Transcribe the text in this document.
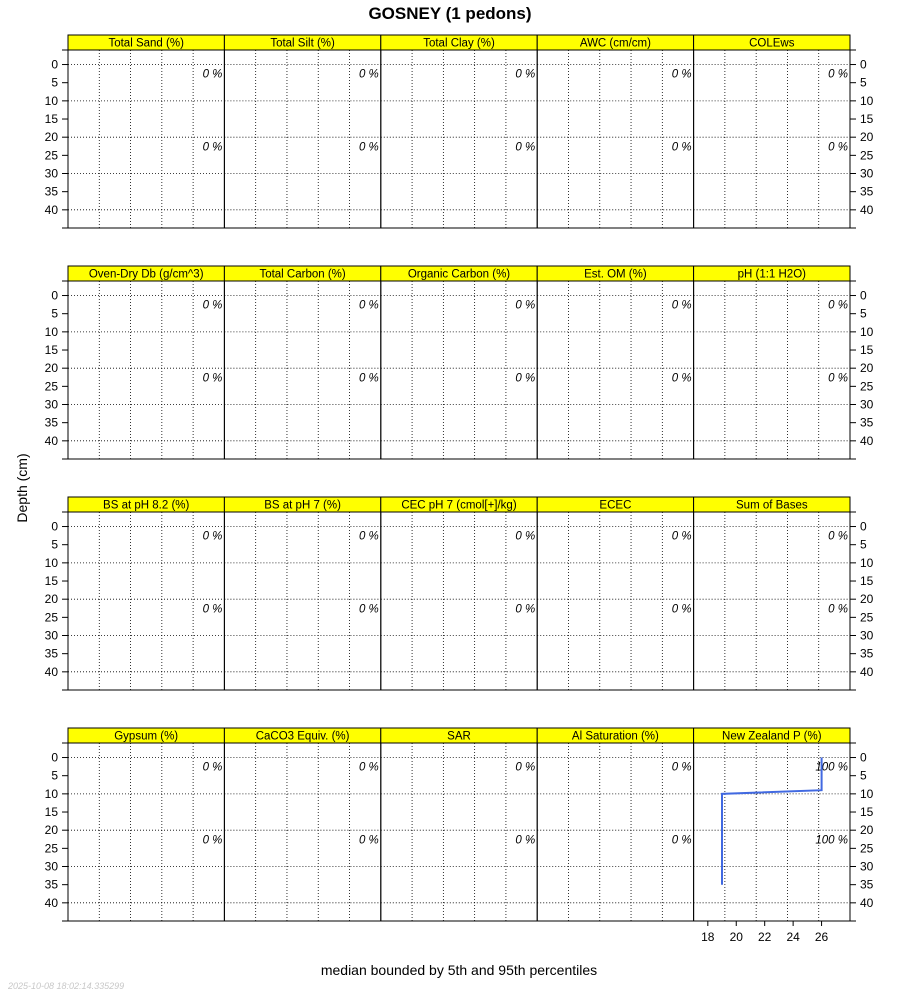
Total Sand (%)
0 %
0 %
Total Silt (%)
0 %
0 %
Total Clay (%)
0 %
0 %
AWC (cm/cm)
0 %
0 %
COLEws
0 %
0 %
Oven-Dry Db (g/cm^3)
0 %
0 %
Total Carbon (%)
0 %
0 %
Organic Carbon (%)
0 %
0 %
Est. OM (%)
0 %
0 %
pH (1:1 H2O)
0 %
0 %
BS at pH 8.2 (%)
0 %
0 %
BS at pH 7 (%)
0 %
0 %
CEC pH 7 (cmol[+]/kg)
0 %
0 %
ECEC
0 %
0 %
Sum of Bases
0 %
0 %
Gypsum (%)
0 %
0 %
CaCO3 Equiv. (%)
0 %
0 %
SAR
0 %
0 %
Al Saturation (%)
0 %
0 %
New Zealand P (%)
100 %
100 %
18 20 22 24 26
0	0
5	5
10	10
15	15
20	20
25	25
30	30
35	35
40	40
0	0
5	5
10	10
15	15
20	20
25	25
30	30
35	35
40	40
0	0
5	5
10	10
15	15
20	20
25	25
30	30
35	35
40	40
0	0
5	5
10	10
15	15
20	20
25	25
30	30
35	35
40	40
GOSNEY (1 pedons)
Depth (cm)
median bounded by 5th and 95th percentiles
2025-10-08 18:02:14.335299
